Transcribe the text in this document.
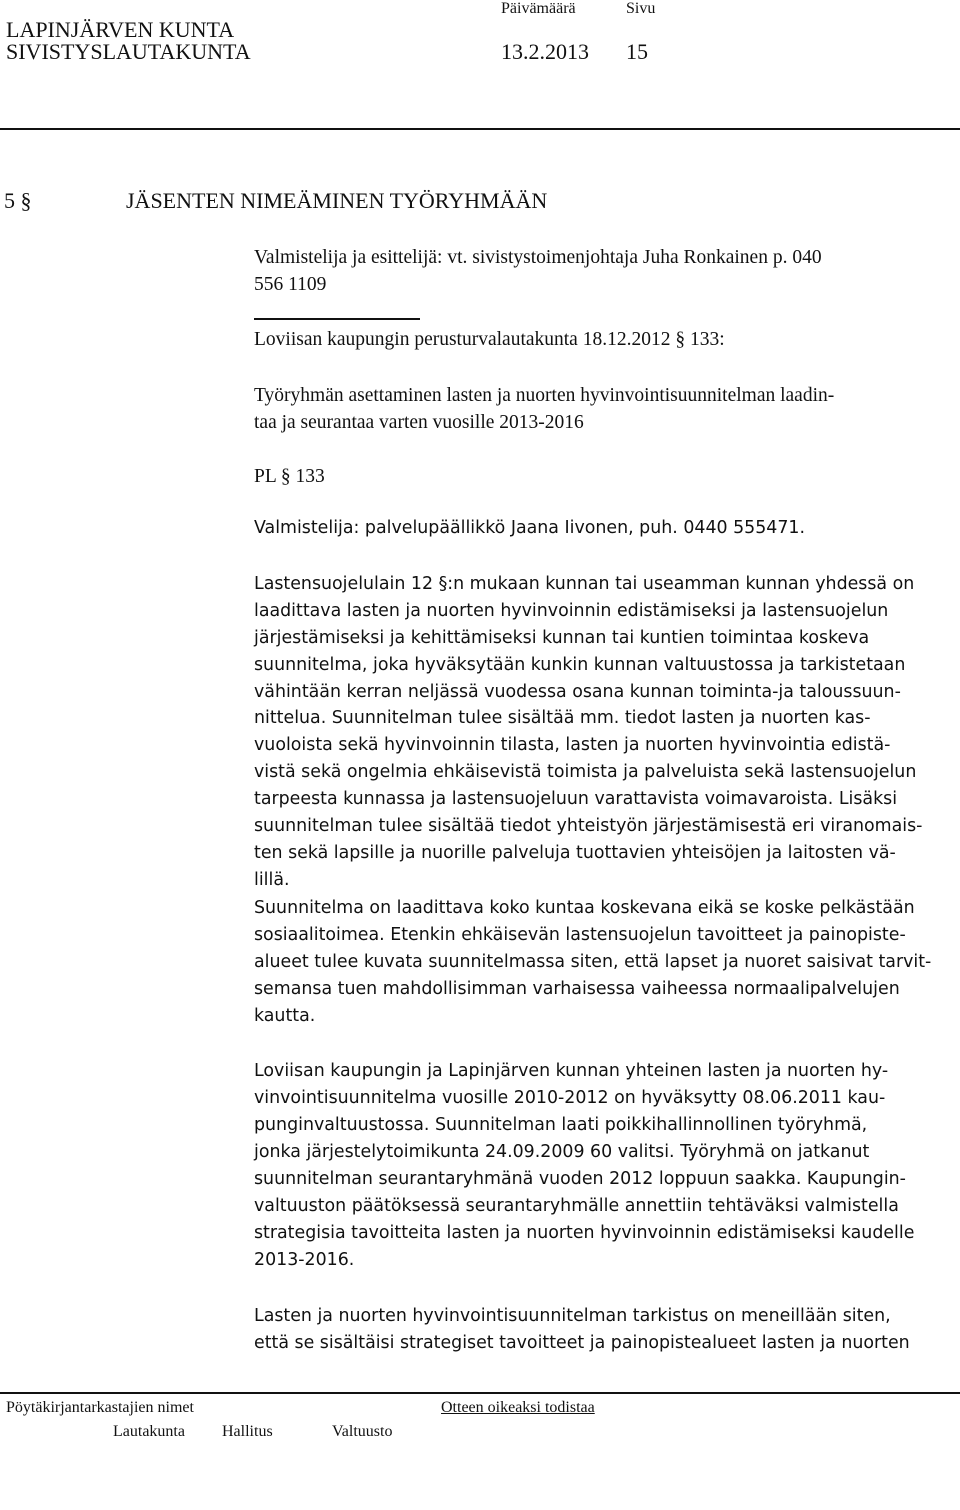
LAPINJÄRVEN KUNTA
SIVISTYSLAUTAKUNTA
Päivämäärä	Sivu
13.2.2013 15
5 §	JÄSENTEN NIMEÄMINEN TYÖRYHMÄÄN
Valmistelija ja esittelijä: vt. sivistystoimenjohtaja Juha Ronkainen p. 040
556 1109
Loviisan kaupungin perusturvalautakunta 18.12.2012 § 133:
Työryhmän asettaminen lasten ja nuorten hyvinvointisuunnitelman laadin-
taa ja seurantaa varten vuosille 2013-2016
PL § 133
Valmistelija: palvelupäällikkö Jaana Iivonen, puh. 0440 555471.
Lastensuojelulain 12 §:n mukaan kunnan tai useamman kunnan yhdessä on
laadittava lasten ja nuorten hyvinvoinnin edistämiseksi ja lastensuojelun
järjestämiseksi ja kehittämiseksi kunnan tai kuntien toimintaa koskeva
suunnitelma, joka hyväksytään kunkin kunnan valtuustossa ja tarkistetaan
vähintään kerran neljässä vuodessa osana kunnan toiminta-ja taloussuun-
nittelua. Suunnitelman tulee sisältää mm. tiedot lasten ja nuorten kas-
vuoloista sekä hyvinvoinnin tilasta, lasten ja nuorten hyvinvointia edistä-
vistä sekä ongelmia ehkäisevistä toimista ja palveluista sekä lastensuojelun
tarpeesta kunnassa ja lastensuojeluun varattavista voimavaroista. Lisäksi
suunnitelman tulee sisältää tiedot yhteistyön järjestämisestä eri viranomais-
ten sekä lapsille ja nuorille palveluja tuottavien yhteisöjen ja laitosten vä-
lillä.
Suunnitelma on laadittava koko kuntaa koskevana eikä se koske pelkästään
sosiaalitoimea. Etenkin ehkäisevän lastensuojelun tavoitteet ja painopiste-
alueet tulee kuvata suunnitelmassa siten, että lapset ja nuoret saisivat tarvit-
semansa tuen mahdollisimman varhaisessa vaiheessa normaalipalvelujen
kautta.
Loviisan kaupungin ja Lapinjärven kunnan yhteinen lasten ja nuorten hy-
vinvointisuunnitelma vuosille 2010-2012 on hyväksytty 08.06.2011 kau-
punginvaltuustossa. Suunnitelman laati poikkihallinnollinen työryhmä,
jonka järjestelytoimikunta 24.09.2009 60 valitsi. Työryhmä on jatkanut
suunnitelman seurantaryhmänä vuoden 2012 loppuun saakka. Kaupungin-
valtuuston päätöksessä seurantaryhmälle annettiin tehtäväksi valmistella
strategisia tavoitteita lasten ja nuorten hyvinvoinnin edistämiseksi kaudelle
2013-2016.
Lasten ja nuorten hyvinvointisuunnitelman tarkistus on meneillään siten,
että se sisältäisi strategiset tavoitteet ja painopistealueet lasten ja nuorten
Pöytäkirjantarkastajien nimet	Otteen oikeaksi todistaa
Lautakunta Hallitus	Valtuusto
